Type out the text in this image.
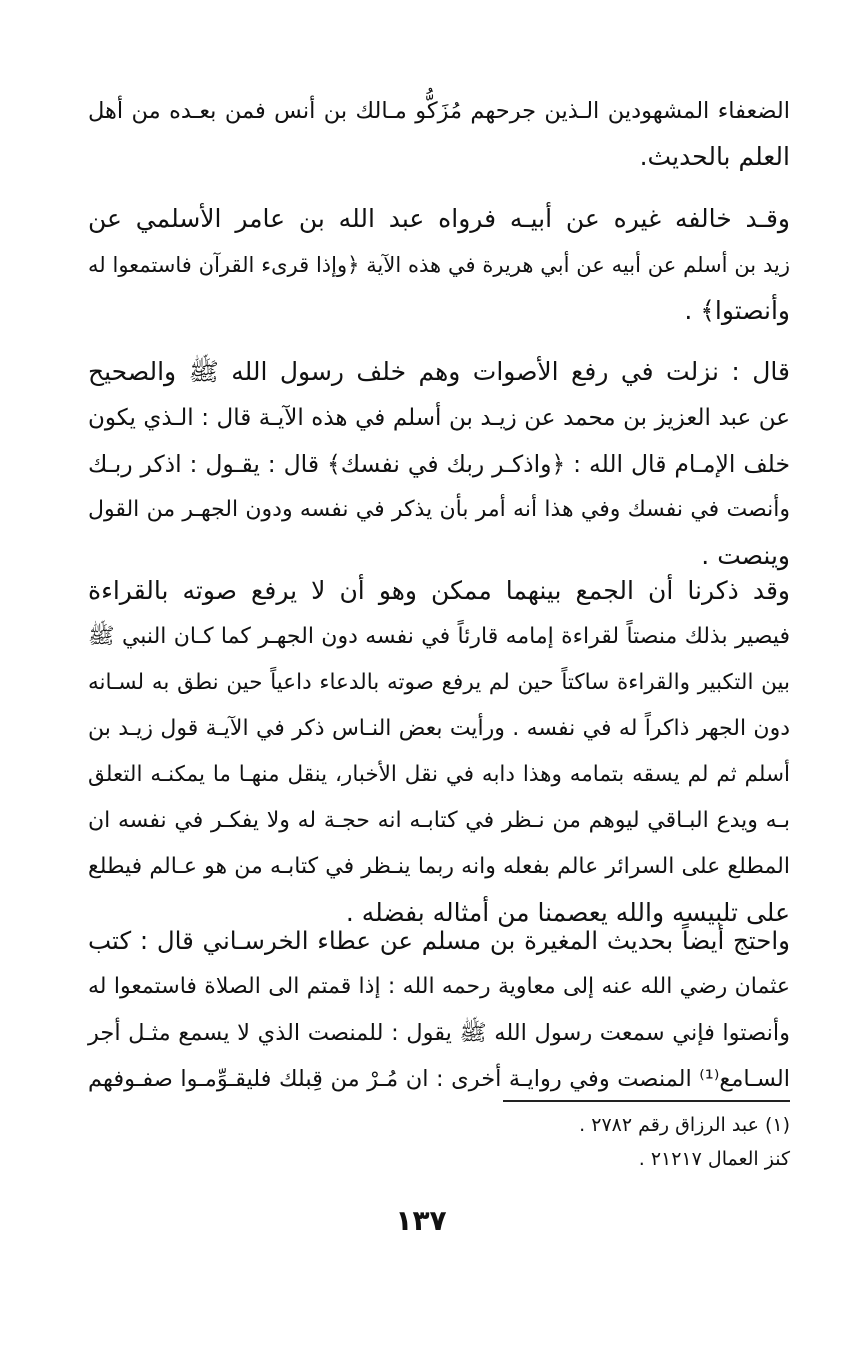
الضعفاء المشهودين الـذين جرحهم مُزَكُّو مـالك بن أنس فمن بعـده من أهل
العلم بالحديث.
وقـد خالفه غيره عن أبيـه فرواه عبد الله بن عامر الأسلمي عن
زيد بن أسلم عن أبيه عن أبي هريرة في هذه الآية ﴿وإذا قرىء القرآن فاستمعوا له
وأنصتوا﴾ .
قال : نزلت في رفع الأصوات وهم خلف رسول الله ﷺ والصحيح
عن عبد العزيز بن محمد عن زيـد بن أسلم في هذه الآيـة قال : الـذي يكون
خلف الإمـام قال الله : ﴿واذكـر ربك في نفسك﴾ قال : يقـول : اذكر ربـك
وأنصت في نفسك وفي هذا أنه أمر بأن يذكر في نفسه ودون الجهـر من القول
وينصت .
وقد ذكرنا أن الجمع بينهما ممكن وهو أن لا يرفع صوته بالقراءة
فيصير بذلك منصتاً لقراءة إمامه قارئاً في نفسه دون الجهـر كما كـان النبي ﷺ
بين التكبير والقراءة ساكتاً حين لم يرفع صوته بالدعاء داعياً حين نطق به لسـانه
دون الجهر ذاكراً له في نفسه . ورأيت بعض النـاس ذكر في الآيـة قول زيـد بن
أسلم ثم لم يسقه بتمامه وهذا دابه في نقل الأخبار، ينقل منهـا ما يمكنـه التعلق
بـه ويدع البـاقي ليوهم من نـظر في كتابـه انه حجـة له ولا يفكـر في نفسه ان
المطلع على السرائر عالم بفعله وانه ربما ينـظر في كتابـه من هو عـالم فيطلع
على تلبيسه والله يعصمنا من أمثاله بفضله .
واحتج أيضاً بحديث المغيرة بن مسلم عن عطاء الخرسـاني قال : كتب
عثمان رضي الله عنه إلى معاوية رحمه الله : إذا قمتم الى الصلاة فاستمعوا له
وأنصتوا فإني سمعت رسول الله ﷺ يقول : للمنصت الذي لا يسمع مثـل أجر
السـامع⁽¹⁾ المنصت وفي روايـة أخرى : ان مُـرْ من قِبلك فليقـوِّمـوا صفـوفهم
(١) عبد الرزاق رقم ٢٧٨٢ .
كنز العمال ٢١٢١٧ .
١٣٧
